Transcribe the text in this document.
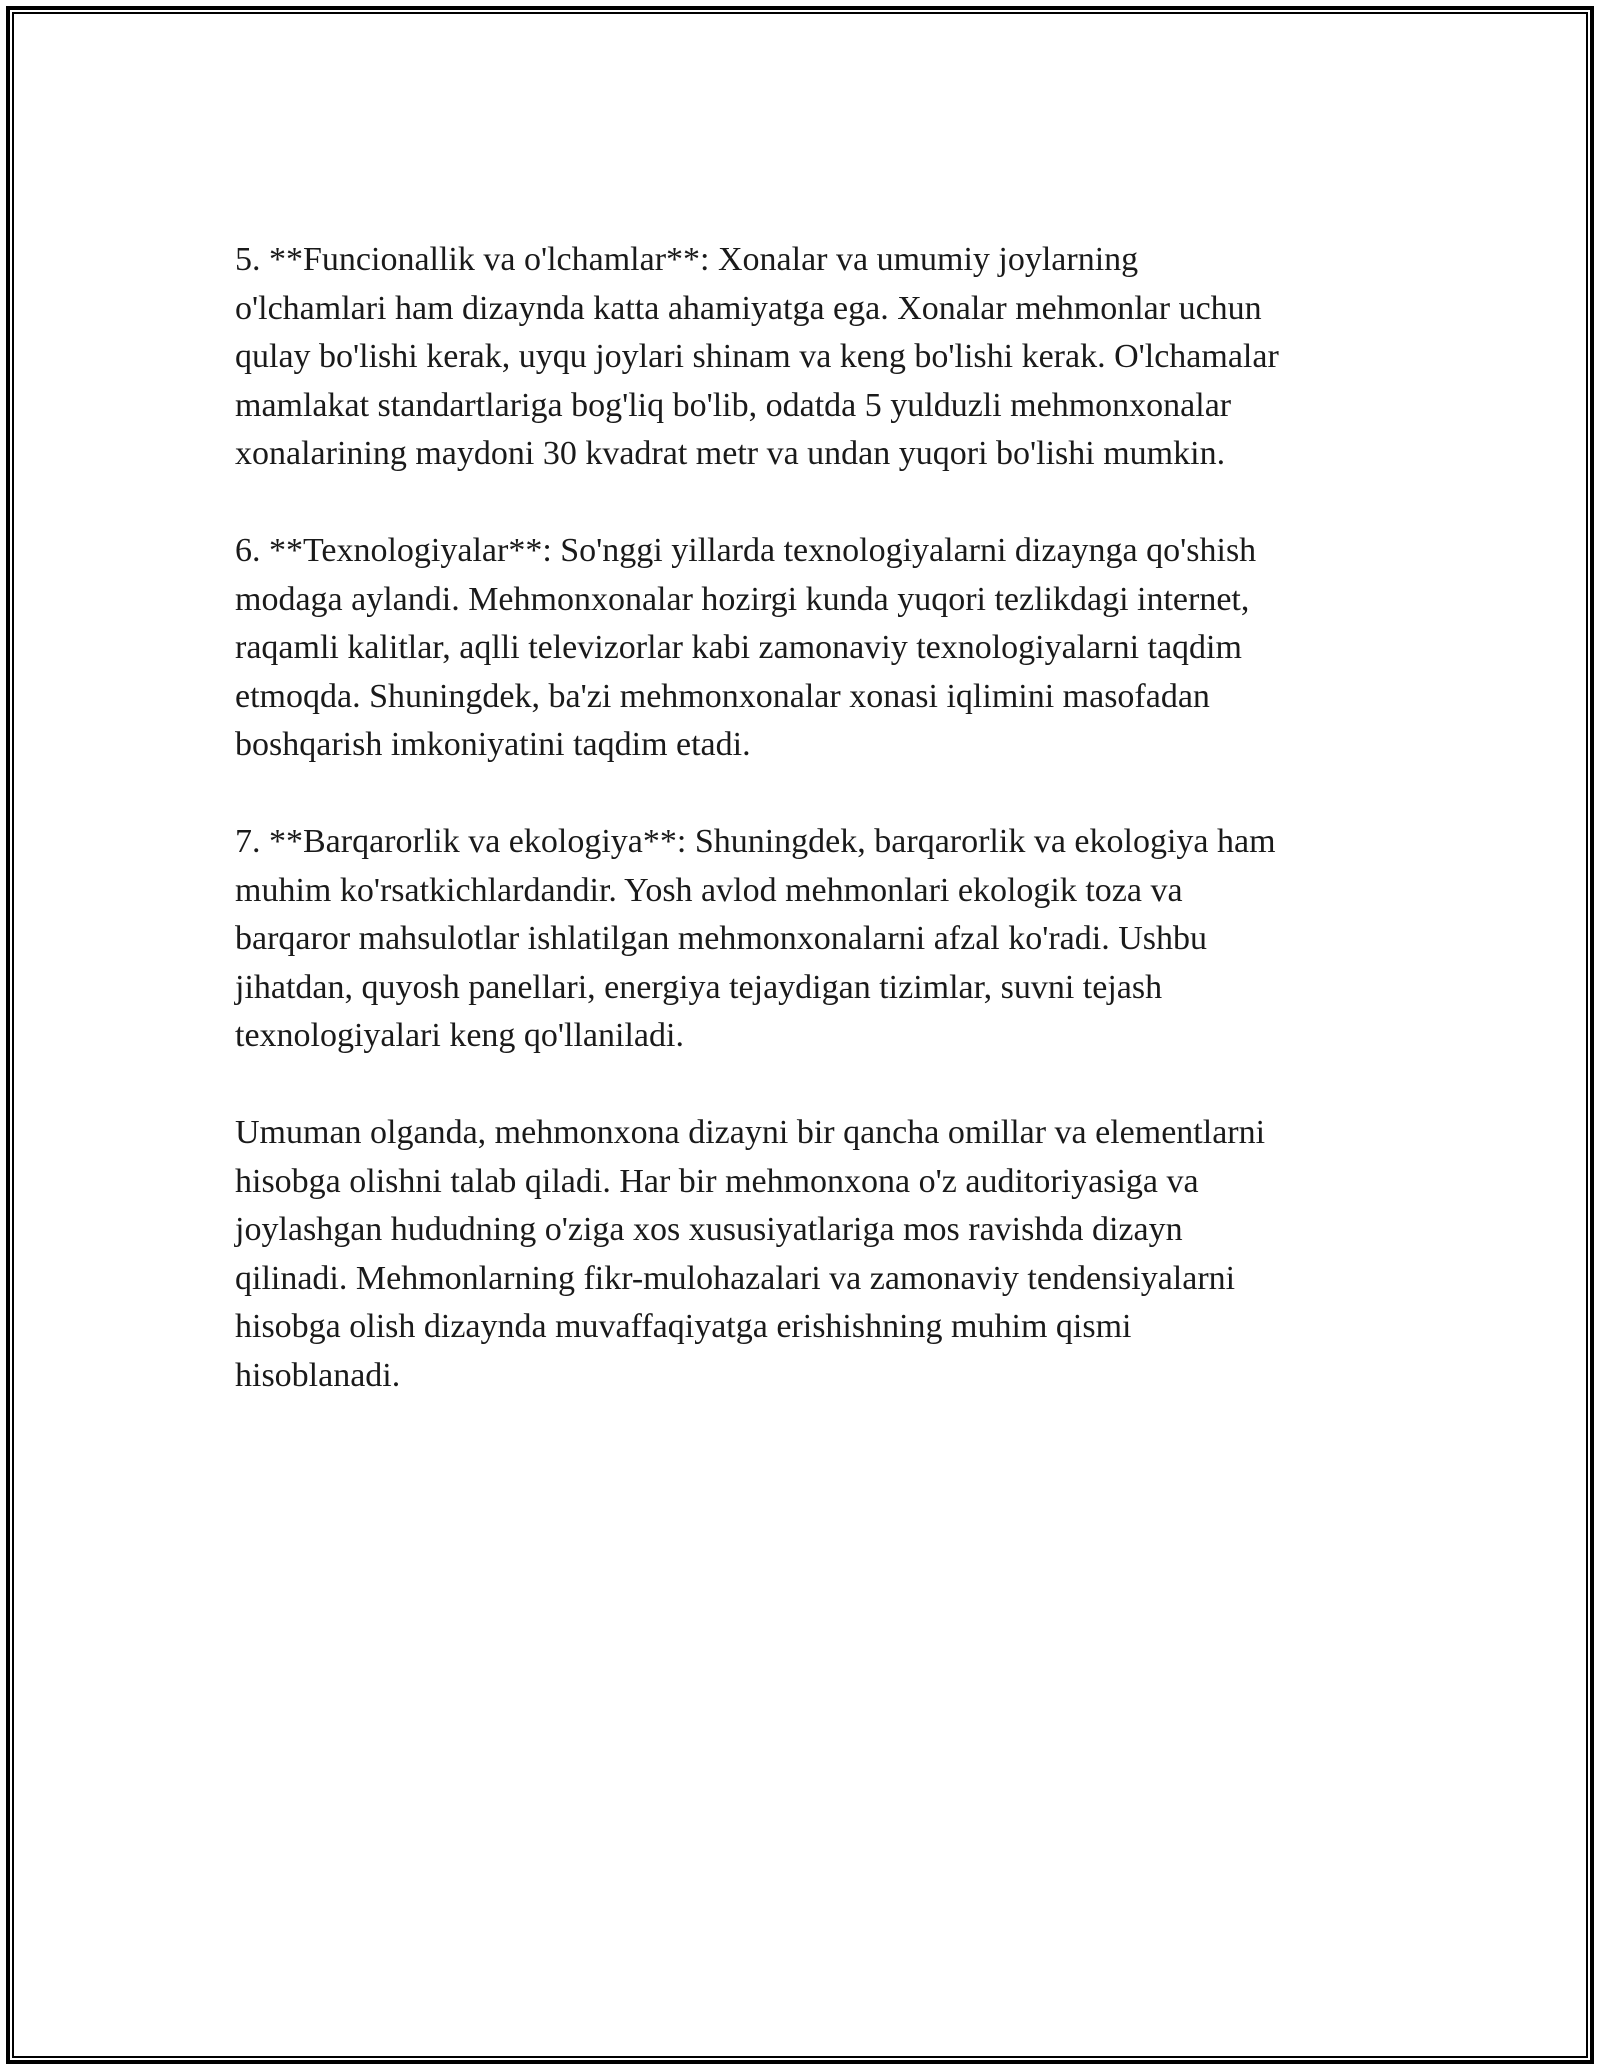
5. **Funcionallik va o'lchamlar**: Xonalar va umumiy joylarning
o'lchamlari ham dizaynda katta ahamiyatga ega. Xonalar mehmonlar uchun
qulay bo'lishi kerak, uyqu joylari shinam va keng bo'lishi kerak. O'lchamalar
mamlakat standartlariga bog'liq bo'lib, odatda 5 yulduzli mehmonxonalar
xonalarining maydoni 30 kvadrat metr va undan yuqori bo'lishi mumkin.

6. **Texnologiyalar**: So'nggi yillarda texnologiyalarni dizaynga qo'shish
modaga aylandi. Mehmonxonalar hozirgi kunda yuqori tezlikdagi internet,
raqamli kalitlar, aqlli televizorlar kabi zamonaviy texnologiyalarni taqdim
etmoqda. Shuningdek, ba'zi mehmonxonalar xonasi iqlimini masofadan
boshqarish imkoniyatini taqdim etadi.

7. **Barqarorlik va ekologiya**: Shuningdek, barqarorlik va ekologiya ham
muhim ko'rsatkichlardandir. Yosh avlod mehmonlari ekologik toza va
barqaror mahsulotlar ishlatilgan mehmonxonalarni afzal ko'radi. Ushbu
jihatdan, quyosh panellari, energiya tejaydigan tizimlar, suvni tejash
texnologiyalari keng qo'llaniladi.

Umuman olganda, mehmonxona dizayni bir qancha omillar va elementlarni
hisobga olishni talab qiladi. Har bir mehmonxona o'z auditoriyasiga va
joylashgan hududning o'ziga xos xususiyatlariga mos ravishda dizayn
qilinadi. Mehmonlarning fikr-mulohazalari va zamonaviy tendensiyalarni
hisobga olish dizaynda muvaffaqiyatga erishishning muhim qismi
hisoblanadi.
